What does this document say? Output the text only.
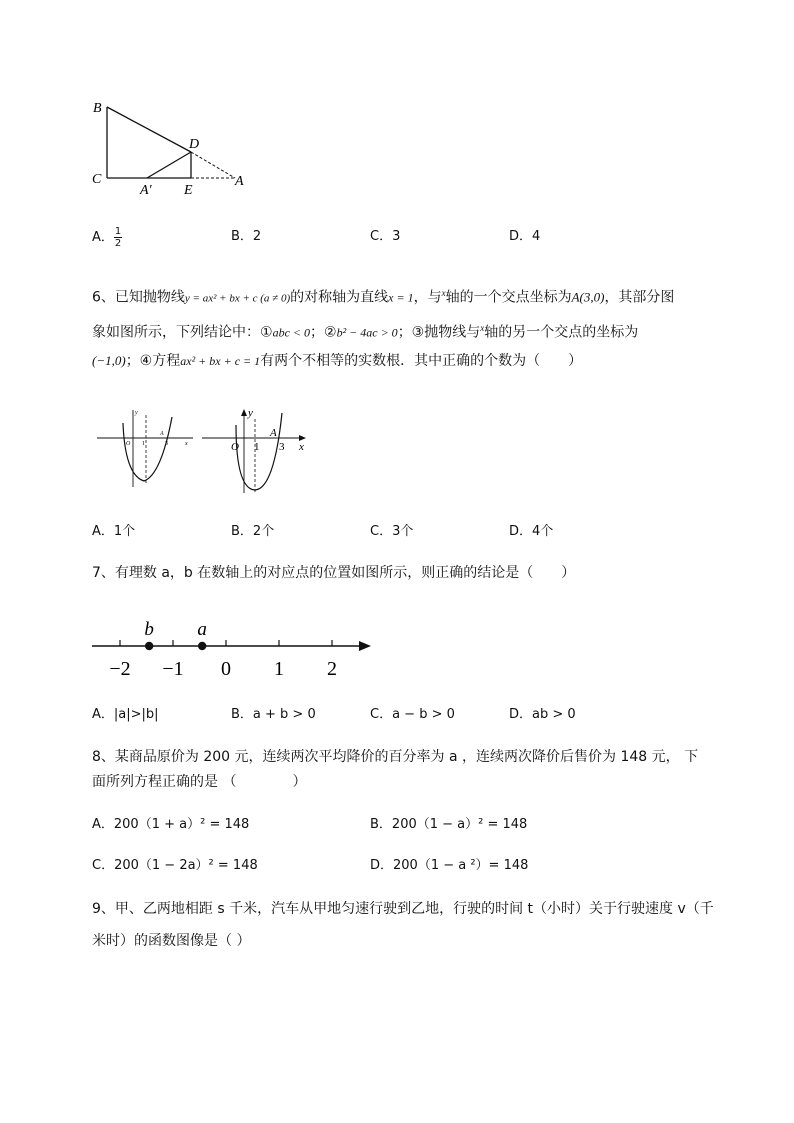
B
C
D
A′ E
A
A． $\frac{1}{2}$	B．2	C．3	D．4
6、已知抛物线y = ax² + bx + c (a ≠ 0)的对称轴为直线x = 1，与$^x$轴的一个交点坐标为A(3,0)，其部分图
象如图所示，下列结论中：①abc < 0；②b² − 4ac > 0；③抛物线与$^x$轴的另一个交点的坐标为
(−1,0)；④方程ax² + bx + c = 1有两个不相等的实数根．其中正确的个数为（　　）
y
x
O 1
A
3
y
x
O 1
A
3
A．1个	B．2个	C．3个	D．4个
7、有理数 a，b 在数轴上的对应点的位置如图所示，则正确的结论是（　　）
−2 −1 0 1 2
b a
A．|a|>|b|	B．a + b > 0	C．a − b > 0	D．ab > 0
8、某商品原价为 200 元，连续两次平均降价的百分率为 a ，连续两次降价后售价为 148 元， 下
面所列方程正确的是 （　　　　）
A．200（1 + a）² = 148	B．200（1 − a）² = 148
C．200（1 − 2a）² = 148	D．200（1 − a ²）= 148
9、甲、乙两地相距 s 千米，汽车从甲地匀速行驶到乙地，行驶的时间 t（小时）关于行驶速度 v（千
米时）的函数图像是（ ）
